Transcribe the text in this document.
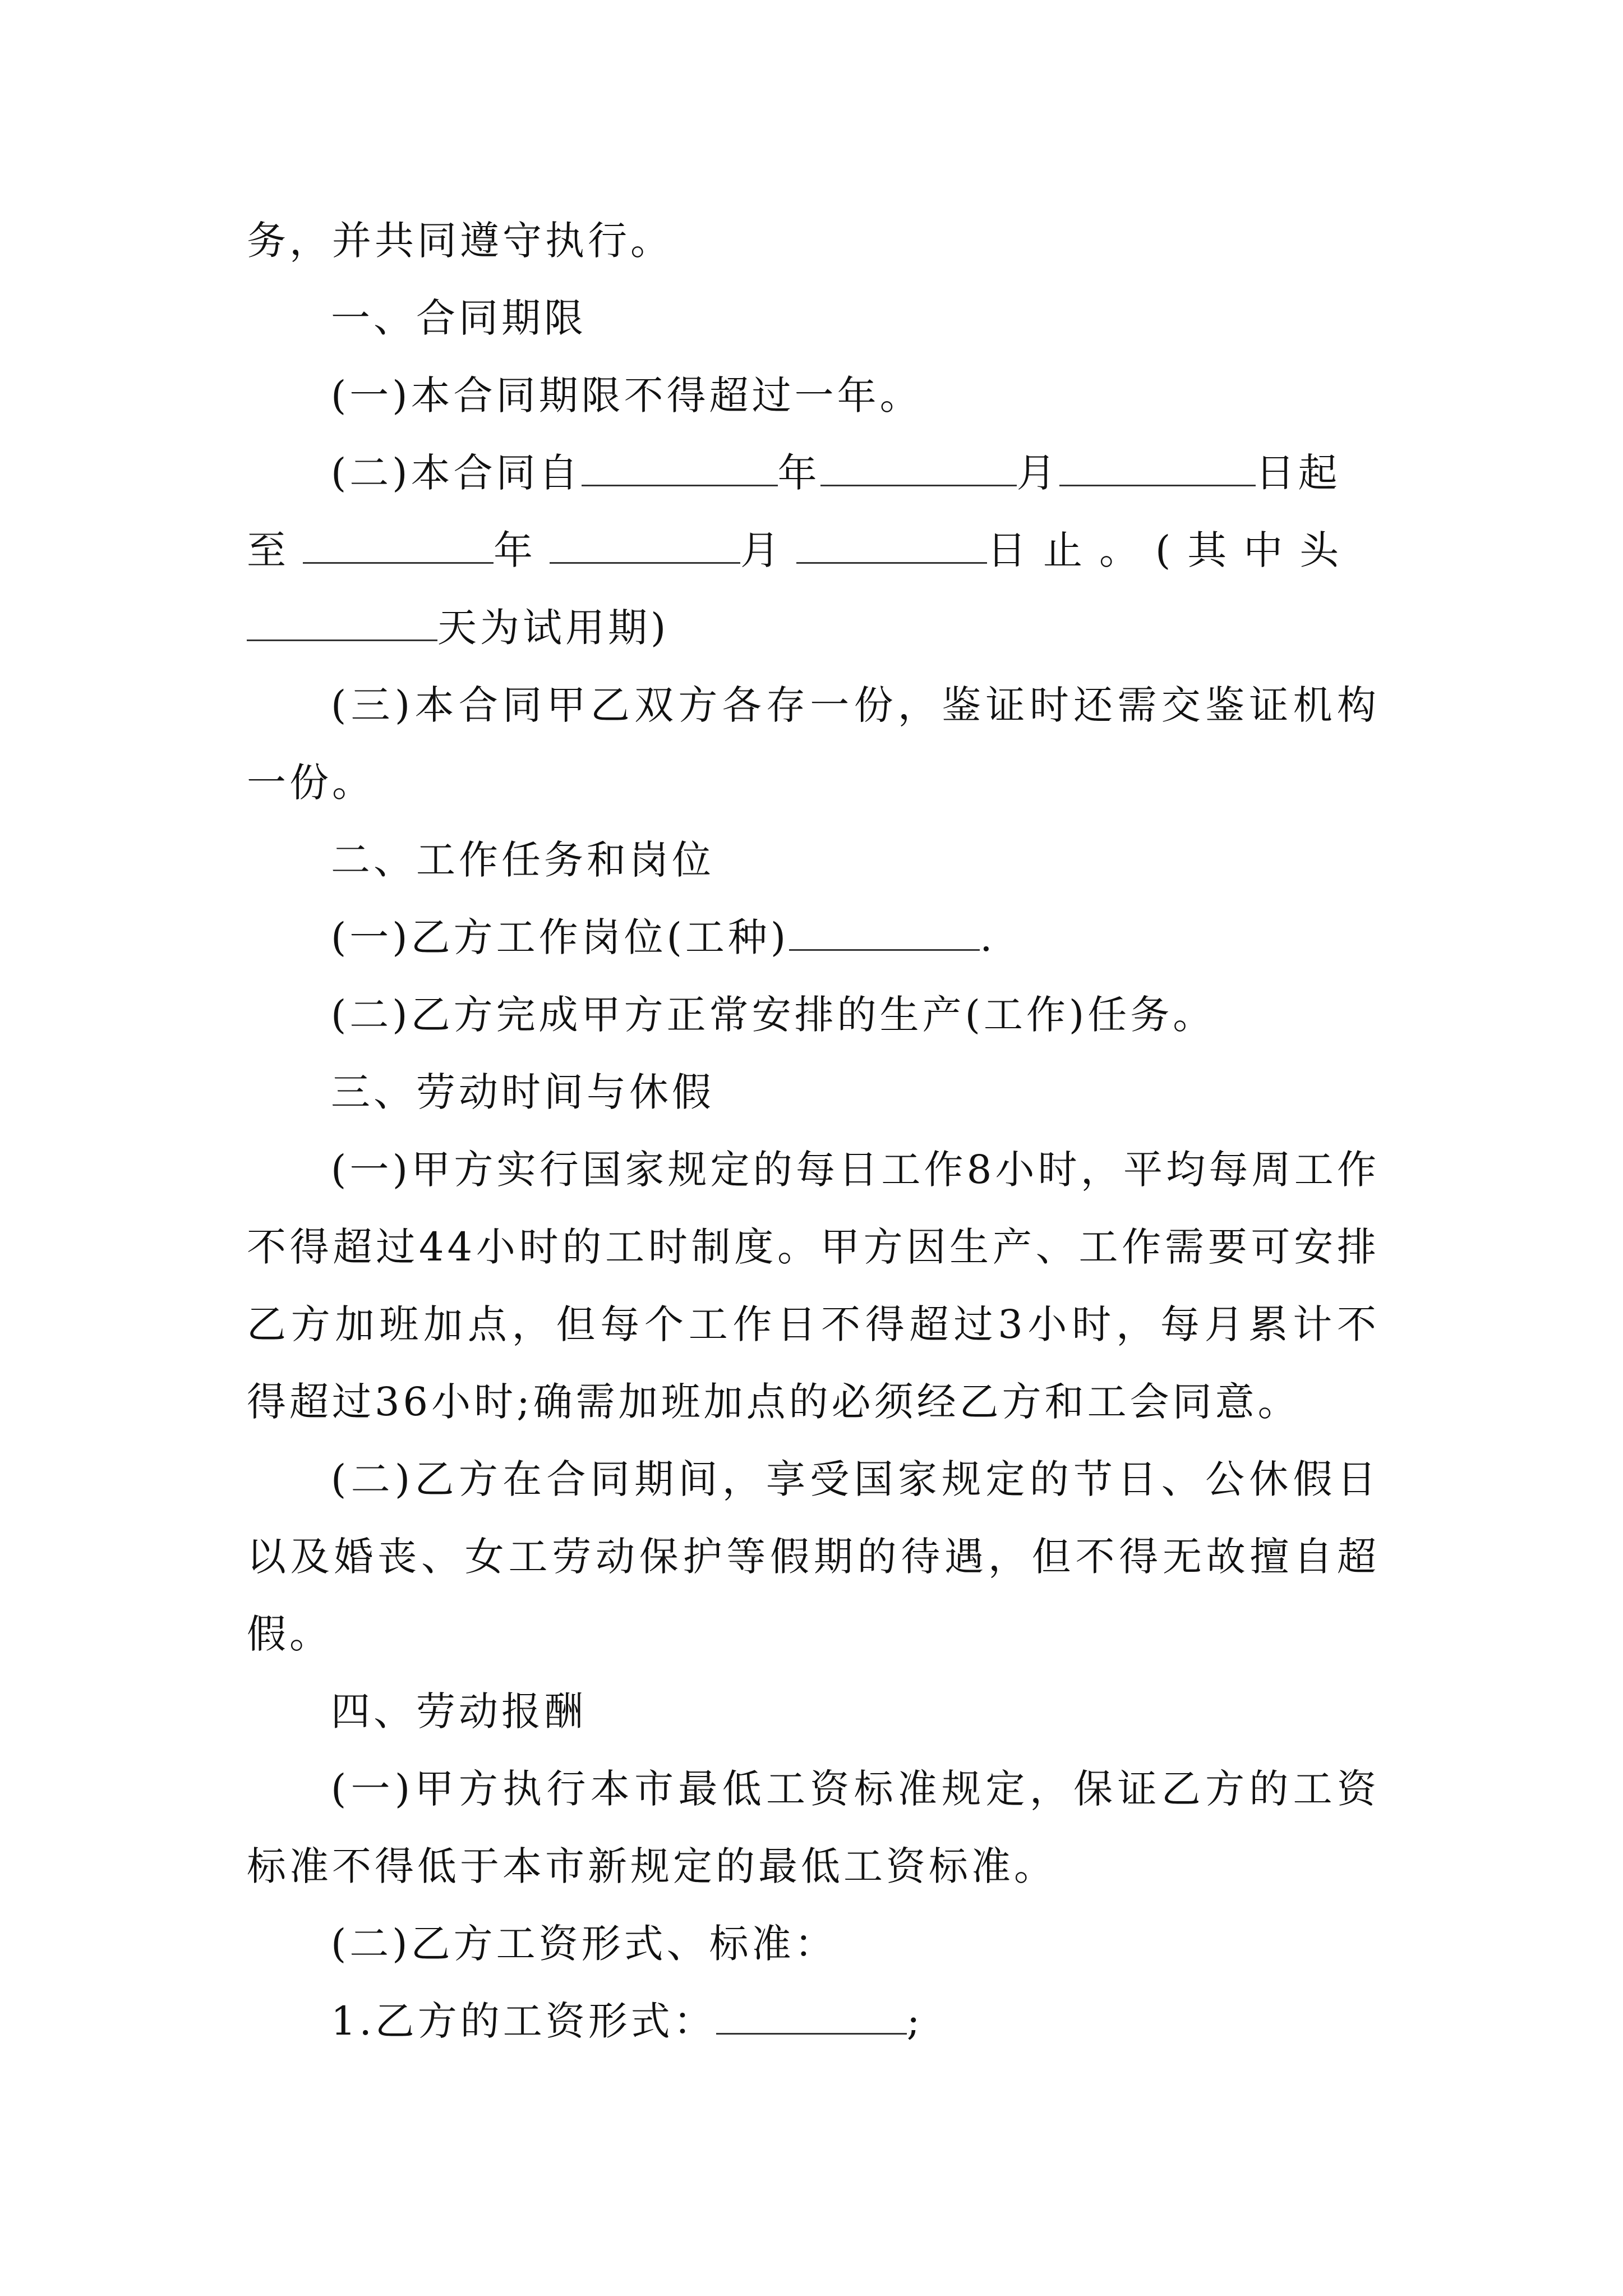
务，并共同遵守执行。

一、合同期限

(一)本合同期限不得超过一年。

(二)本合同自	年	月	日起
至	年	月	日止。(其中头
天为试用期)

(三)本合同甲乙双方各存一份，鉴证时还需交鉴证机构一份。

二、工作任务和岗位

(一)乙方工作岗位(工种)	.

(二)乙方完成甲方正常安排的生产(工作)任务。

三、劳动时间与休假

(一)甲方实行国家规定的每日工作8小时，平均每周工作不得超过44小时的工时制度。甲方因生产、工作需要可安排乙方加班加点，但每个工作日不得超过3小时，每月累计不得超过36小时;确需加班加点的必须经乙方和工会同意。

(二)乙方在合同期间，享受国家规定的节日、公休假日以及婚丧、女工劳动保护等假期的待遇，但不得无故擅自超假。

四、劳动报酬

(一)甲方执行本市最低工资标准规定，保证乙方的工资标准不得低于本市新规定的最低工资标准。

(二)乙方工资形式、标准：

1.乙方的工资形式：	;
